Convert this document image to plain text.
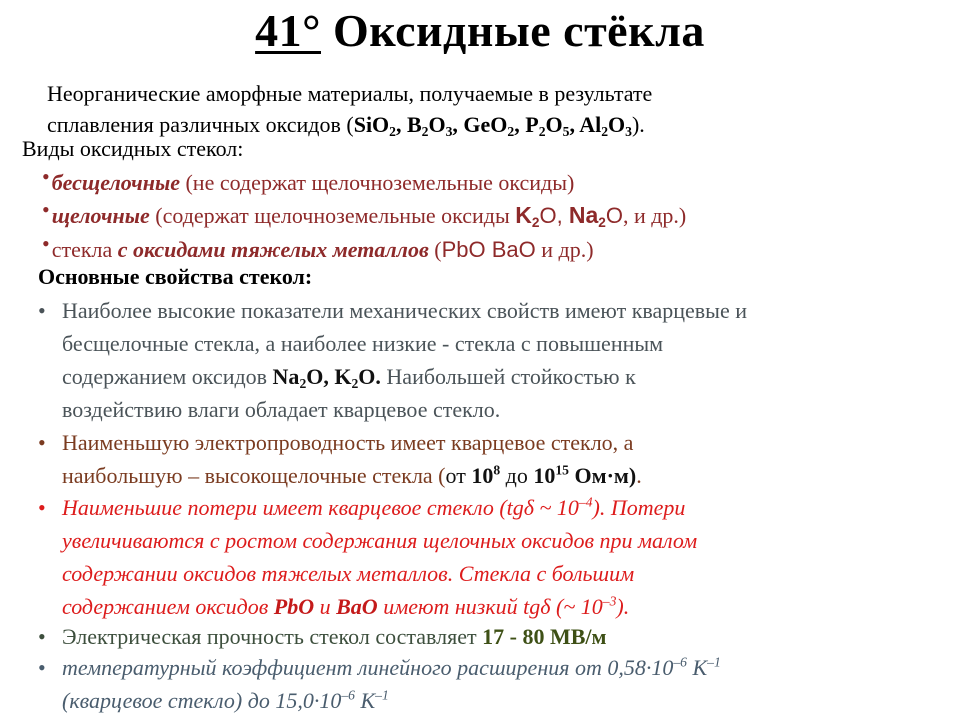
41° Оксидные стёкла
Неорганические аморфные материалы, получаемые в результате
сплавления различных оксидов (SiO$_2$, $B_2O_3$, GeO$_2$, $P_2O_5$, $Al_2O_3$).
Виды оксидных стекол:
•бесщелочные (не содержат щелочноземельные оксиды)
•щелочные (содержат щелочноземельные оксиды $K_2O$, $Na_2O$, и др.)
•стекла с оксидами тяжелых металлов (PbO BaO и др.)
Основные свойства стекол:
• Наиболее высокие показатели механических свойств имеют кварцевые и
бесщелочные стекла, а наиболее низкие - стекла с повышенным
содержанием оксидов $Na_2O$, $K_2O$. Наибольшей стойкостью к
воздействию влаги обладает кварцевое стекло.
• Наименьшую электропроводность имеет кварцевое стекло, а
наибольшую – высокощелочные стекла (от $10^8$ до $10^{15}$ Ом·м).
• Наименьшие потери имеет кварцевое стекло (tgδ ~ $10^{-4}$). Потери
увеличиваются с ростом содержания щелочных оксидов при малом
содержании оксидов тяжелых металлов. Стекла с большим
содержанием оксидов PbO и BaO имеют низкий tgδ (~ $10^{-3}$).
• Электрическая прочность стекол составляет 17 - 80 МВ/м
• температурный коэффициент линейного расширения от $0,58\cdot 10^{-6}$ $K^{-1}$
(кварцевое стекло) до $15,0\cdot 10^{-6}$ $K^{-1}$
